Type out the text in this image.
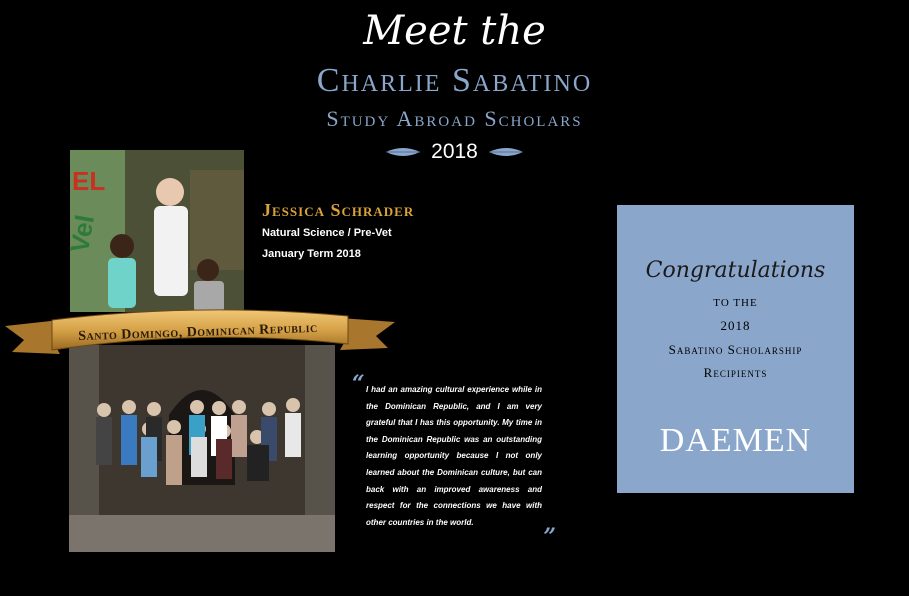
Meet the
Charlie Sabatino
Study Abroad Scholars
2018
EL
Vel
Santo Domingo, Dominican Republic
Jessica Schrader
Natural Science / Pre-Vet
January Term 2018
“ I had an amazing cultural experience while in the Dominican Republic, and I am very grateful that I has this opportunity. My time in the Dominican Republic was an outstanding learning opportunity because I not only learned about the Dominican culture, but can back with an improved awareness and respect for the connections we have with other countries in the world.
”
Congratulations
TO THE
2018
Sabatino Scholarship
Recipients
DAEMEN
